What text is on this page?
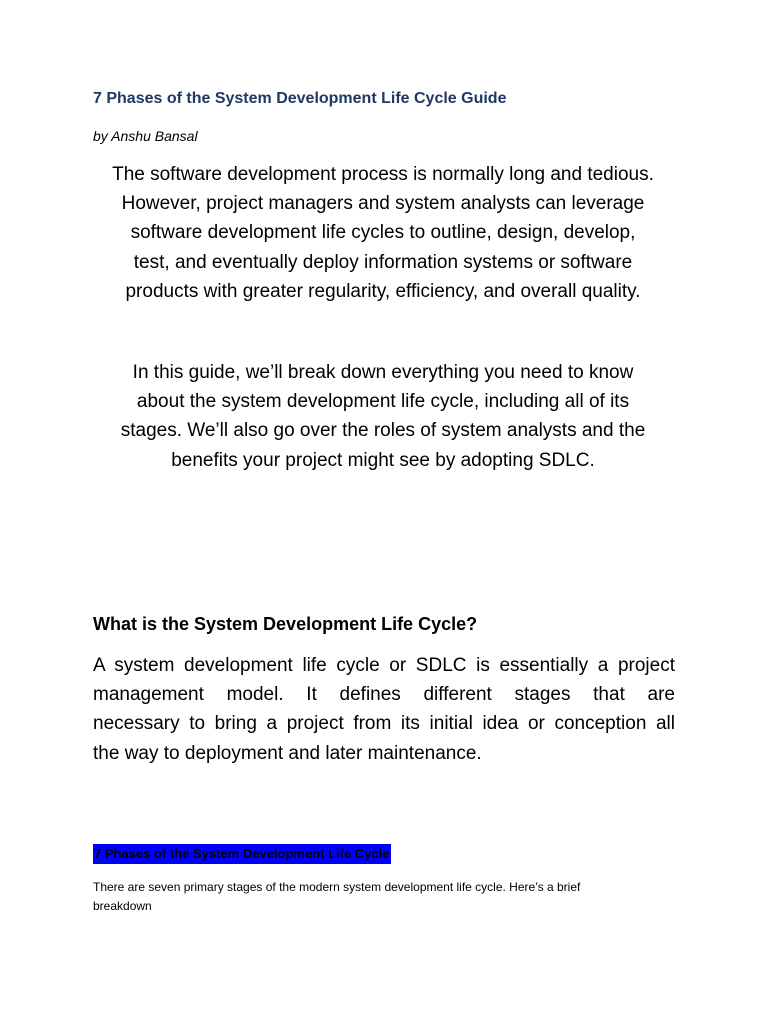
7 Phases of the System Development Life Cycle Guide
by Anshu Bansal

The software development process is normally long and tedious.

However, project managers and system analysts can leverage

software development life cycles to outline, design, develop,

test, and eventually deploy information systems or software

products with greater regularity, efficiency, and overall quality.

In this guide, we’ll break down everything you need to know

about the system development life cycle, including all of its

stages. We’ll also go over the roles of system analysts and the

benefits your project might see by adopting SDLC.

What is the System Development Life Cycle?
A system development life cycle or SDLC is essentially a project
management model. It defines different stages that are
necessary to bring a project from its initial idea or conception all
the way to deployment and later maintenance.
7 Phases of the System Development Life Cycle
There are seven primary stages of the modern system development life cycle. Here’s a brief
breakdown
